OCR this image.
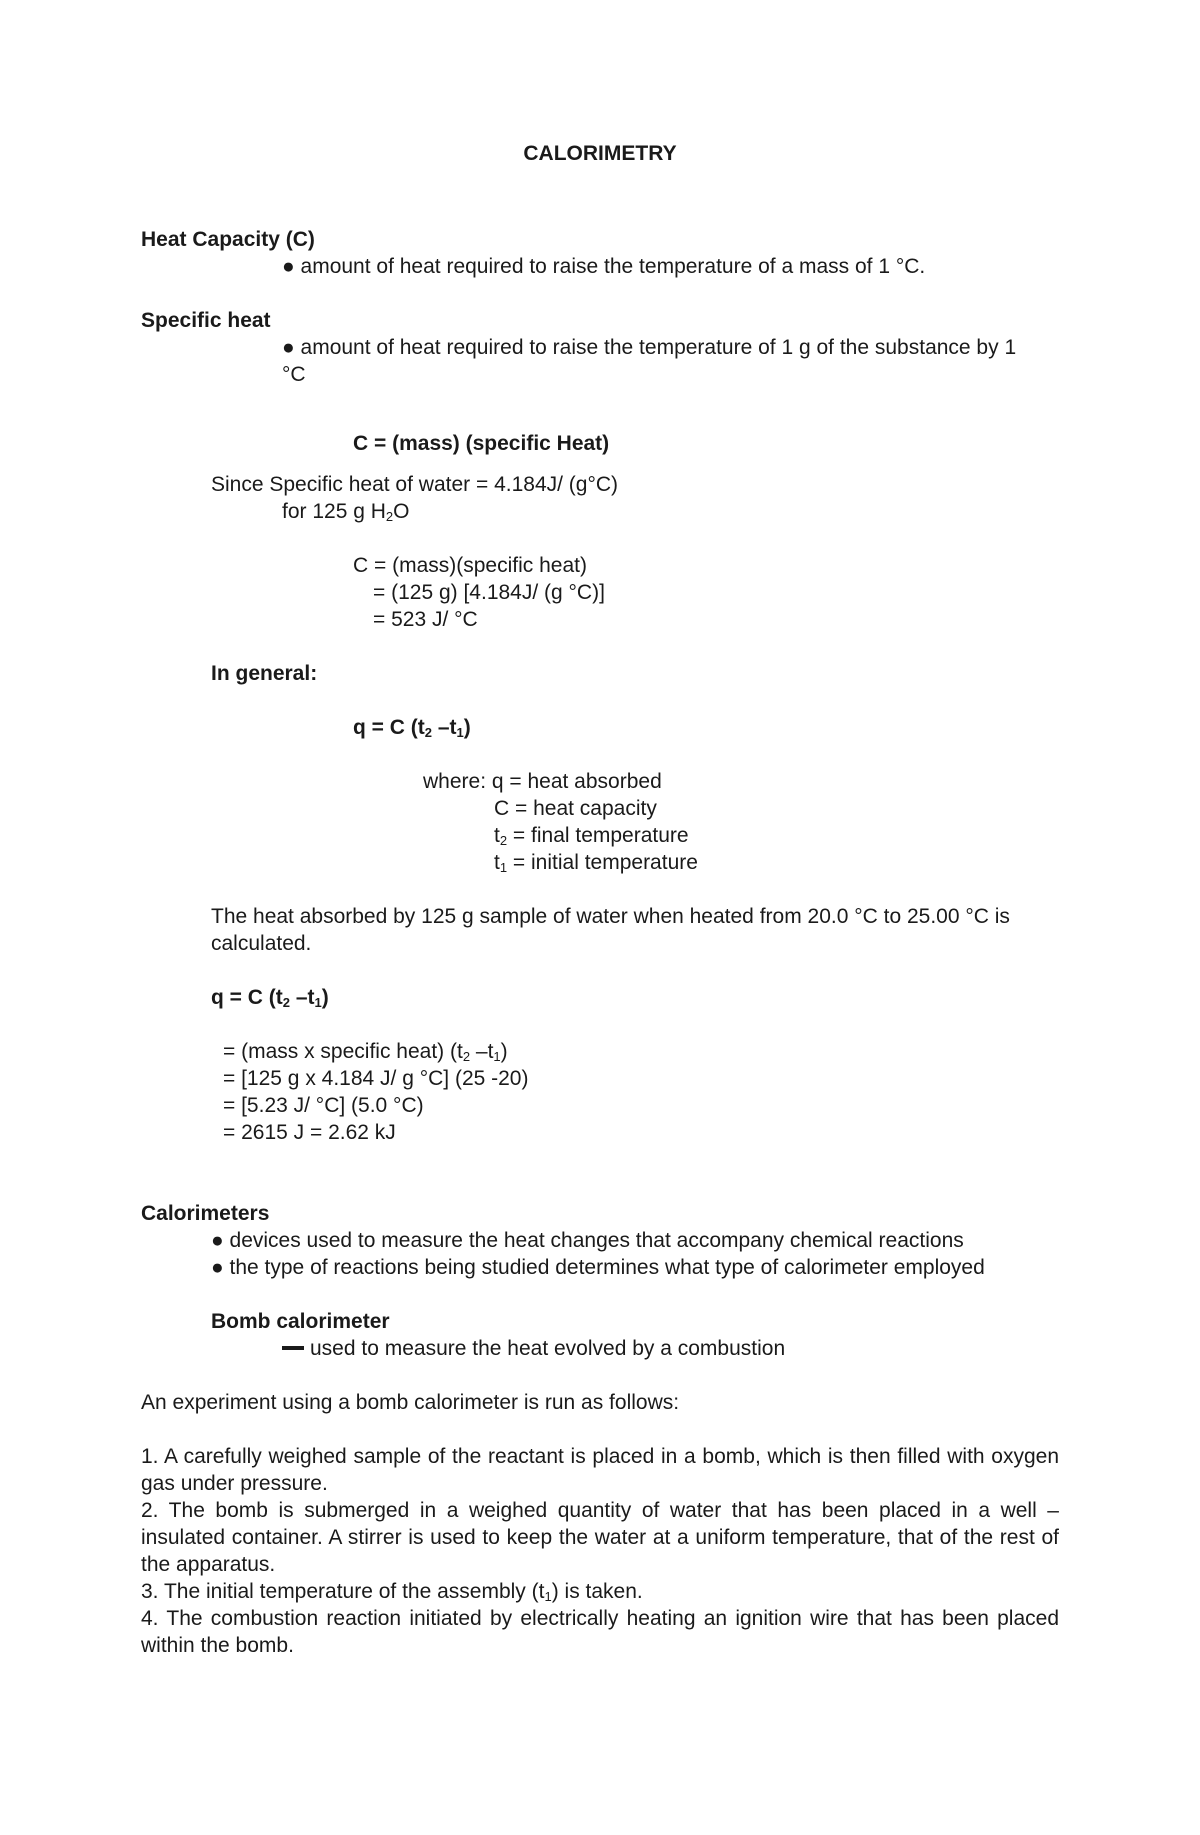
CALORIMETRY

Heat Capacity (C)

● amount of heat required to raise the temperature of a mass of 1 °C.

Specific heat

● amount of heat required to raise the temperature of 1 g of the substance by 1

°C

C = (mass) (specific Heat)

Since Specific heat of water = 4.184J/ (g°C)

for 125 g $H_2O$

C = (mass)(specific heat)

= (125 g) [4.184J/ (g °C)]

= 523 J/ °C

In general:

q = C ($t_2$ $-t_1$)

where: q = heat absorbed

C = heat capacity

$t_2$ = final temperature

$t_1$ = initial temperature

The heat absorbed by 125 g sample of water when heated from 20.0 °C to 25.00 °C is

calculated.

q = C ($t_2$ $-t_1$)

= (mass x specific heat) ($t_2$ $-t_1$)

= [125 g x 4.184 J/ g °C] (25 -20)

= [5.23 J/ °C] (5.0 °C)

= 2615 J = 2.62 kJ

Calorimeters

● devices used to measure the heat changes that accompany chemical reactions

● the type of reactions being studied determines what type of calorimeter employed

Bomb calorimeter

used to measure the heat evolved by a combustion

An experiment using a bomb calorimeter is run as follows:

1. A carefully weighed sample of the reactant is placed in a bomb, which is then filled with oxygen gas under pressure.

2. The bomb is submerged in a weighed quantity of water that has been placed in a well – insulated container. A stirrer is used to keep the water at a uniform temperature, that of the rest of the apparatus.

3. The initial temperature of the assembly $(t_1)$ is taken.

4. The combustion reaction initiated by electrically heating an ignition wire that has been placed within the bomb.
